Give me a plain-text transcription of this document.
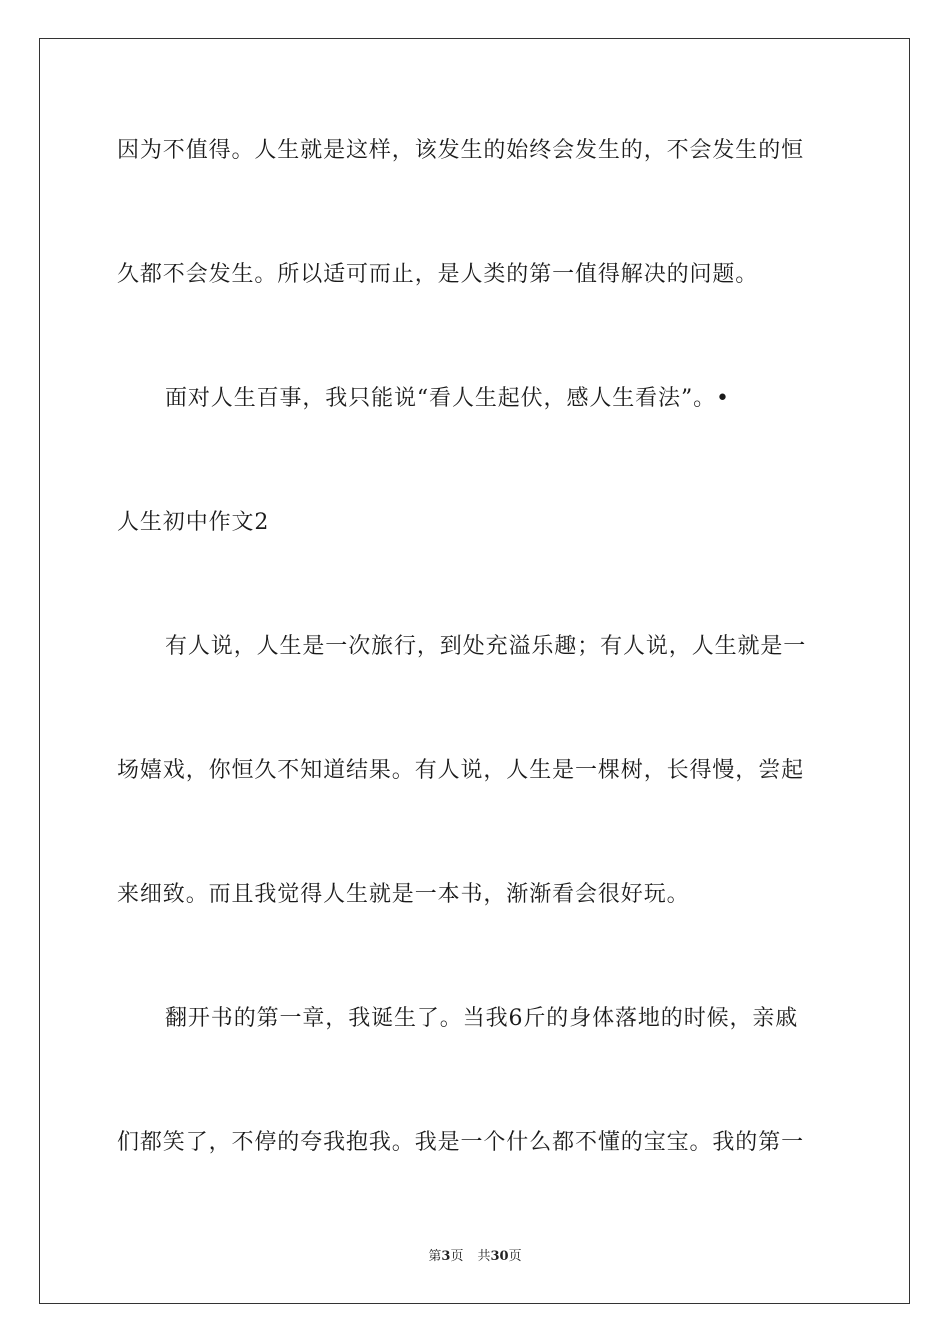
因为不值得。人生就是这样，该发生的始终会发生的，不会发生的恒
久都不会发生。所以适可而止，是人类的第一值得解决的问题。
面对人生百事，我只能说“看人生起伏，感人生看法”。•
人生初中作文2
有人说，人生是一次旅行，到处充溢乐趣；有人说，人生就是一
场嬉戏，你恒久不知道结果。有人说，人生是一棵树，长得慢，尝起
来细致。而且我觉得人生就是一本书，渐渐看会很好玩。
翻开书的第一章，我诞生了。当我6斤的身体落地的时候，亲戚
们都笑了，不停的夸我抱我。我是一个什么都不懂的宝宝。我的第一
第3页 共30页
